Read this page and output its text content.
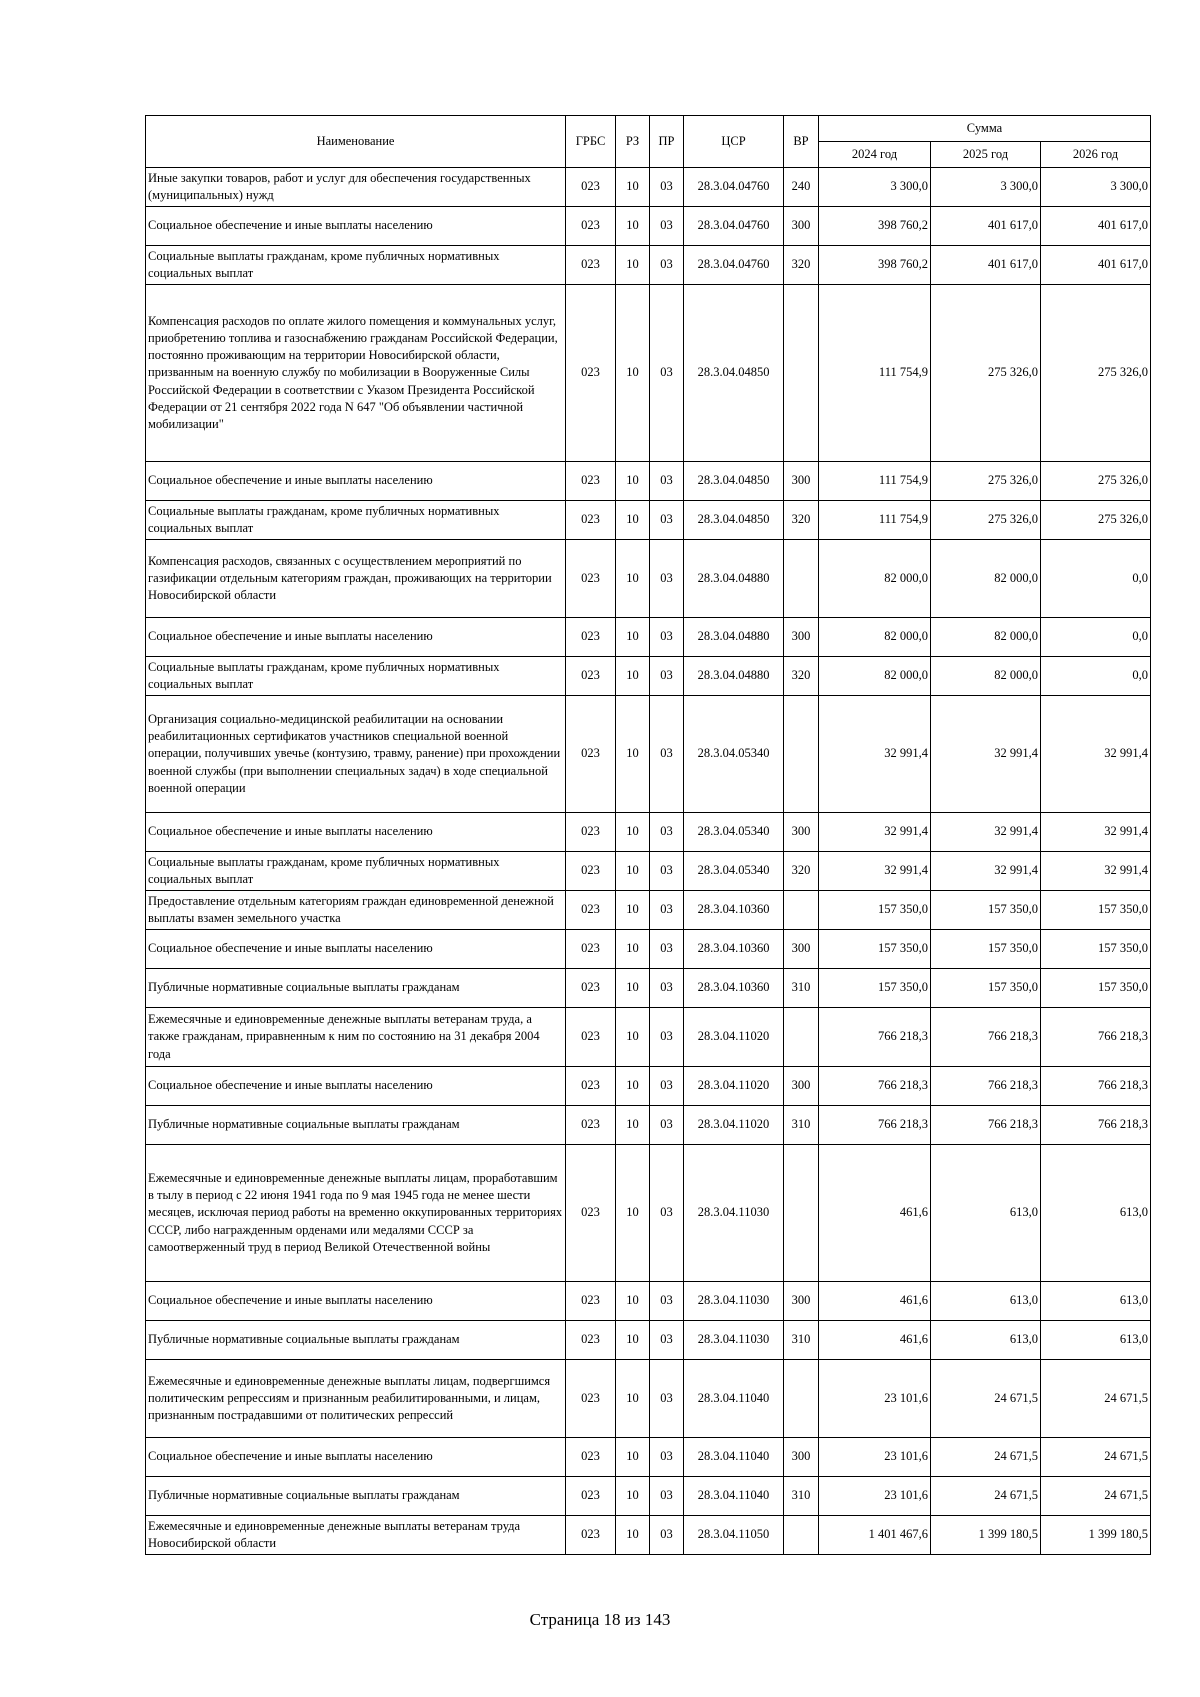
Наименование	ГРБС	РЗ	ПР	ЦСР	ВР	Сумма		
						2024 год	2025 год	2026 год
Иные закупки товаров, работ и услуг для обеспечения государственных (муниципальных) нужд	023	10	03	28.3.04.04760	240	3 300,0	3 300,0	3 300,0
Социальное обеспечение и иные выплаты населению	023	10	03	28.3.04.04760	300	398 760,2	401 617,0	401 617,0
Социальные выплаты гражданам, кроме публичных нормативных социальных выплат	023	10	03	28.3.04.04760	320	398 760,2	401 617,0	401 617,0
Компенсация расходов по оплате жилого помещения и коммунальных услуг, приобретению топлива и газоснабжению гражданам Российской Федерации, постоянно проживающим на территории Новосибирской области, призванным на военную службу по мобилизации в Вооруженные Силы Российской Федерации в соответствии с Указом Президента Российской Федерации от 21 сентября 2022 года N 647 "Об объявлении частичной мобилизации"	023	10	03	28.3.04.04850		111 754,9	275 326,0	275 326,0
Социальное обеспечение и иные выплаты населению	023	10	03	28.3.04.04850	300	111 754,9	275 326,0	275 326,0
Социальные выплаты гражданам, кроме публичных нормативных социальных выплат	023	10	03	28.3.04.04850	320	111 754,9	275 326,0	275 326,0
Компенсация расходов, связанных с осуществлением мероприятий по газификации отдельным категориям граждан, проживающих на территории Новосибирской области	023	10	03	28.3.04.04880		82 000,0	82 000,0	0,0
Социальное обеспечение и иные выплаты населению	023	10	03	28.3.04.04880	300	82 000,0	82 000,0	0,0
Социальные выплаты гражданам, кроме публичных нормативных социальных выплат	023	10	03	28.3.04.04880	320	82 000,0	82 000,0	0,0
Организация социально-медицинской реабилитации на основании реабилитационных сертификатов участников специальной военной операции, получивших увечье (контузию, травму, ранение) при прохождении военной службы (при выполнении специальных задач) в ходе специальной военной операции	023	10	03	28.3.04.05340		32 991,4	32 991,4	32 991,4
Социальное обеспечение и иные выплаты населению	023	10	03	28.3.04.05340	300	32 991,4	32 991,4	32 991,4
Социальные выплаты гражданам, кроме публичных нормативных социальных выплат	023	10	03	28.3.04.05340	320	32 991,4	32 991,4	32 991,4
Предоставление отдельным категориям граждан единовременной денежной выплаты взамен земельного участка	023	10	03	28.3.04.10360		157 350,0	157 350,0	157 350,0
Социальное обеспечение и иные выплаты населению	023	10	03	28.3.04.10360	300	157 350,0	157 350,0	157 350,0
Публичные нормативные социальные выплаты гражданам	023	10	03	28.3.04.10360	310	157 350,0	157 350,0	157 350,0
Ежемесячные и единовременные денежные выплаты ветеранам труда, а также гражданам, приравненным к ним по состоянию на 31 декабря 2004 года	023	10	03	28.3.04.11020		766 218,3	766 218,3	766 218,3
Социальное обеспечение и иные выплаты населению	023	10	03	28.3.04.11020	300	766 218,3	766 218,3	766 218,3
Публичные нормативные социальные выплаты гражданам	023	10	03	28.3.04.11020	310	766 218,3	766 218,3	766 218,3
Ежемесячные и единовременные денежные выплаты лицам, проработавшим в тылу в период с 22 июня 1941 года по 9 мая 1945 года не менее шести месяцев, исключая период работы на временно оккупированных территориях СССР, либо награжденным орденами или медалями СССР за самоотверженный труд в период Великой Отечественной войны	023	10	03	28.3.04.11030		461,6	613,0	613,0
Социальное обеспечение и иные выплаты населению	023	10	03	28.3.04.11030	300	461,6	613,0	613,0
Публичные нормативные социальные выплаты гражданам	023	10	03	28.3.04.11030	310	461,6	613,0	613,0
Ежемесячные и единовременные денежные выплаты лицам, подвергшимся политическим репрессиям и признанным реабилитированными, и лицам, признанным пострадавшими от политических репрессий	023	10	03	28.3.04.11040		23 101,6	24 671,5	24 671,5
Социальное обеспечение и иные выплаты населению	023	10	03	28.3.04.11040	300	23 101,6	24 671,5	24 671,5
Публичные нормативные социальные выплаты гражданам	023	10	03	28.3.04.11040	310	23 101,6	24 671,5	24 671,5
Ежемесячные и единовременные денежные выплаты ветеранам труда Новосибирской области	023	10	03	28.3.04.11050		1 401 467,6	1 399 180,5	1 399 180,5
Страница 18 из 143
